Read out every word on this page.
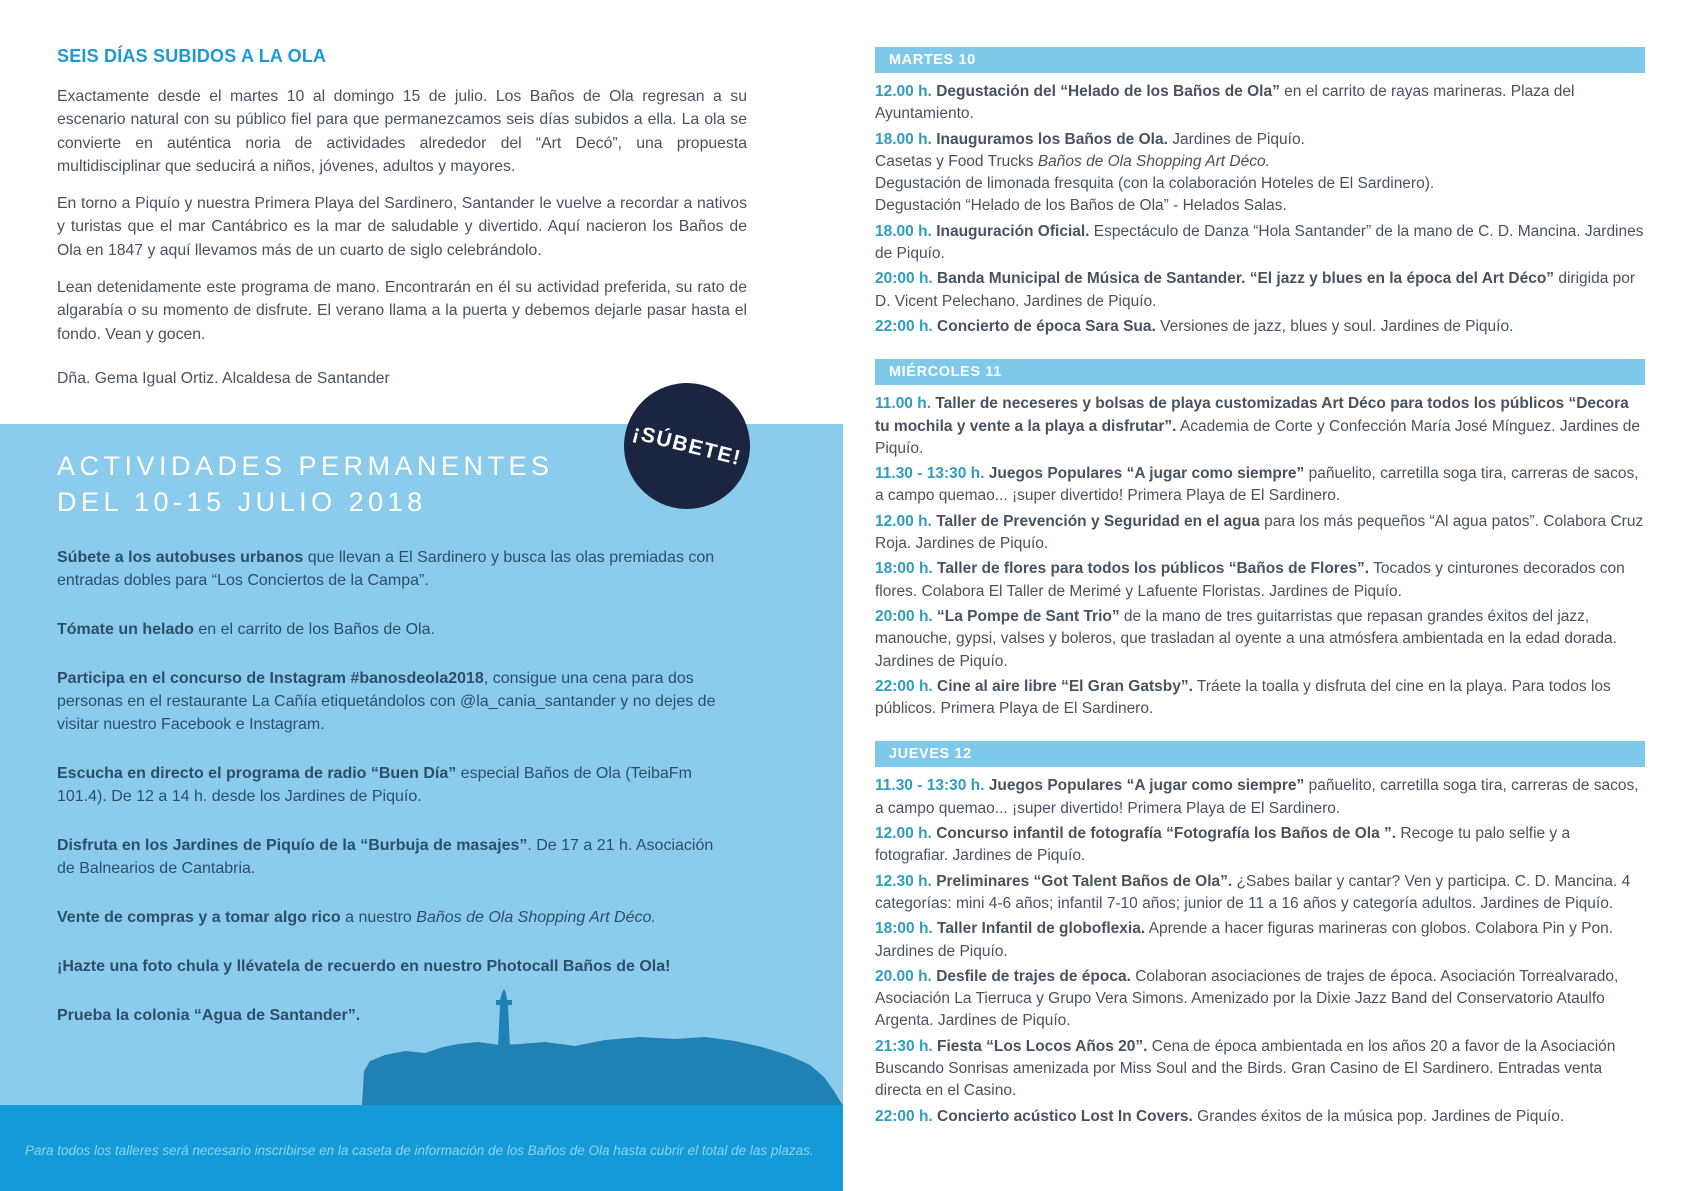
SEIS DÍAS SUBIDOS A LA OLA

Exactamente desde el martes 10 al domingo 15 de julio. Los Baños de Ola regresan a su escenario natural con su público fiel para que permanezcamos seis días subidos a ella. La ola se convierte en auténtica noria de actividades alrededor del “Art Decó”, una propuesta multidisciplinar que seducirá a niños, jóvenes, adultos y mayores.

En torno a Piquío y nuestra Primera Playa del Sardinero, Santander le vuelve a recordar a nativos y turistas que el mar Cantábrico es la mar de saludable y divertido. Aquí nacieron los Baños de Ola en 1847 y aquí llevamos más de un cuarto de siglo celebrándolo.

Lean detenidamente este programa de mano. Encontrarán en él su actividad preferida, su rato de algarabía o su momento de disfrute. El verano llama a la puerta y debemos dejarle pasar hasta el fondo. Vean y gocen.

Dña. Gema Igual Ortiz. Alcaldesa de Santander

ACTIVIDADES PERMANENTES
DEL 10-15 JULIO 2018

Súbete a los autobuses urbanos que llevan a El Sardinero y busca las olas premiadas con entradas dobles para “Los Conciertos de la Campa”.

Tómate un helado en el carrito de los Baños de Ola.

Participa en el concurso de Instagram #banosdeola2018, consigue una cena para dos personas en el restaurante La Cañía etiquetándolos con @la_cania_santander y no dejes de visitar nuestro Facebook e Instagram.

Escucha en directo el programa de radio “Buen Día” especial Baños de Ola (TeibaFm 101.4). De 12 a 14 h. desde los Jardines de Piquío.

Disfruta en los Jardines de Piquío de la “Burbuja de masajes”. De 17 a 21 h. Asociación de Balnearios de Cantabria.

Vente de compras y a tomar algo rico a nuestro Baños de Ola Shopping Art Déco.

¡Hazte una foto chula y llévatela de recuerdo en nuestro Photocall Baños de Ola!

Prueba la colonia “Agua de Santander”.

¡SÚBETE!

Para todos los talleres será necesario inscribirse en la caseta de información de los Baños de Ola hasta cubrir el total de las plazas.

MARTES 10

12.00 h. Degustación del “Helado de los Baños de Ola” en el carrito de rayas marineras. Plaza del Ayuntamiento.

18.00 h. Inauguramos los Baños de Ola. Jardines de Piquío.
Casetas y Food Trucks Baños de Ola Shopping Art Déco.
Degustación de limonada fresquita (con la colaboración Hoteles de El Sardinero).
Degustación “Helado de los Baños de Ola” - Helados Salas.

18.00 h. Inauguración Oficial. Espectáculo de Danza “Hola Santander” de la mano de C. D. Mancina. Jardines de Piquío.

20:00 h. Banda Municipal de Música de Santander. “El jazz y blues en la época del Art Déco” dirigida por D. Vicent Pelechano. Jardines de Piquío.

22:00 h. Concierto de época Sara Sua. Versiones de jazz, blues y soul. Jardines de Piquío.

MIÉRCOLES 11

11.00 h. Taller de neceseres y bolsas de playa customizadas Art Déco para todos los públicos “Decora tu mochila y vente a la playa a disfrutar”. Academia de Corte y Confección María José Mínguez. Jardines de Piquío.

11.30 - 13:30 h. Juegos Populares “A jugar como siempre” pañuelito, carretilla soga tira, carreras de sacos, a campo quemao... ¡super divertido! Primera Playa de El Sardinero.

12.00 h. Taller de Prevención y Seguridad en el agua para los más pequeños “Al agua patos”. Colabora Cruz Roja. Jardines de Piquío.

18:00 h. Taller de flores para todos los públicos “Baños de Flores”. Tocados y cinturones decorados con flores. Colabora El Taller de Merimé y Lafuente Floristas. Jardines de Piquío.

20:00 h. “La Pompe de Sant Trio” de la mano de tres guitarristas que repasan grandes éxitos del jazz, manouche, gypsi, valses y boleros, que trasladan al oyente a una atmósfera ambientada en la edad dorada. Jardines de Piquío.

22:00 h. Cine al aire libre “El Gran Gatsby”. Tráete la toalla y disfruta del cine en la playa. Para todos los públicos. Primera Playa de El Sardinero.

JUEVES 12

11.30 - 13:30 h. Juegos Populares “A jugar como siempre” pañuelito, carretilla soga tira, carreras de sacos, a campo quemao... ¡super divertido! Primera Playa de El Sardinero.

12.00 h. Concurso infantil de fotografía “Fotografía los Baños de Ola ”. Recoge tu palo selfie y a fotografiar. Jardines de Piquío.

12.30 h. Preliminares “Got Talent Baños de Ola”. ¿Sabes bailar y cantar? Ven y participa. C. D. Mancina. 4 categorías: mini 4-6 años; infantil 7-10 años; junior de 11 a 16 años y categoría adultos. Jardines de Piquío.

18:00 h. Taller Infantil de globoflexia. Aprende a hacer figuras marineras con globos. Colabora Pin y Pon. Jardines de Piquío.

20.00 h. Desfile de trajes de época. Colaboran asociaciones de trajes de época. Asociación Torrealvarado, Asociación La Tierruca y Grupo Vera Simons. Amenizado por la Dixie Jazz Band del Conservatorio Ataulfo Argenta. Jardines de Piquío.

21:30 h. Fiesta “Los Locos Años 20”. Cena de época ambientada en los años 20 a favor de la Asociación Buscando Sonrisas amenizada por Miss Soul and the Birds. Gran Casino de El Sardinero. Entradas venta directa en el Casino.

22:00 h. Concierto acústico Lost In Covers. Grandes éxitos de la música pop. Jardines de Piquío.
